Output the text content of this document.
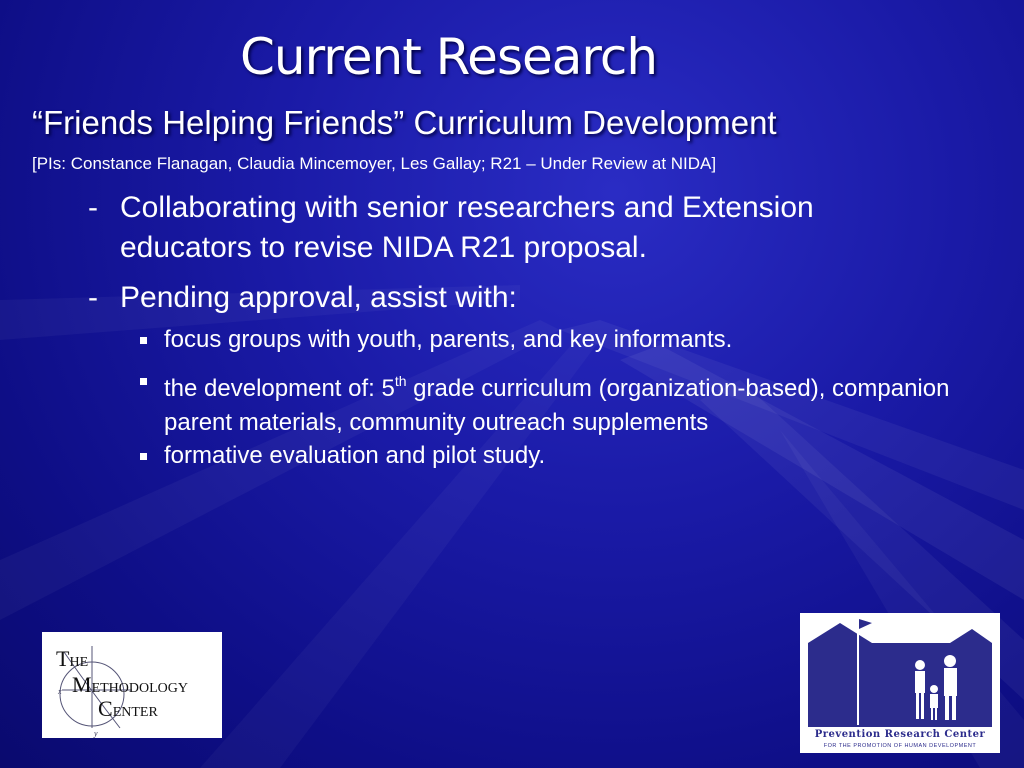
Current Research
“Friends Helping Friends” Curriculum Development
[PIs: Constance Flanagan, Claudia Mincemoyer, Les Gallay; R21 – Under Review at NIDA]
- Collaborating with senior researchers and Extension educators to revise NIDA R21 proposal.
- Pending approval, assist with:
focus groups with youth, parents, and key informants.
the development of: 5th grade curriculum (organization-based), companion parent materials, community outreach supplements
formative evaluation and pilot study.
THE
METHODOLOGY
CENTER
x
y	Prevention Research Center
FOR THE PROMOTION OF HUMAN DEVELOPMENT
